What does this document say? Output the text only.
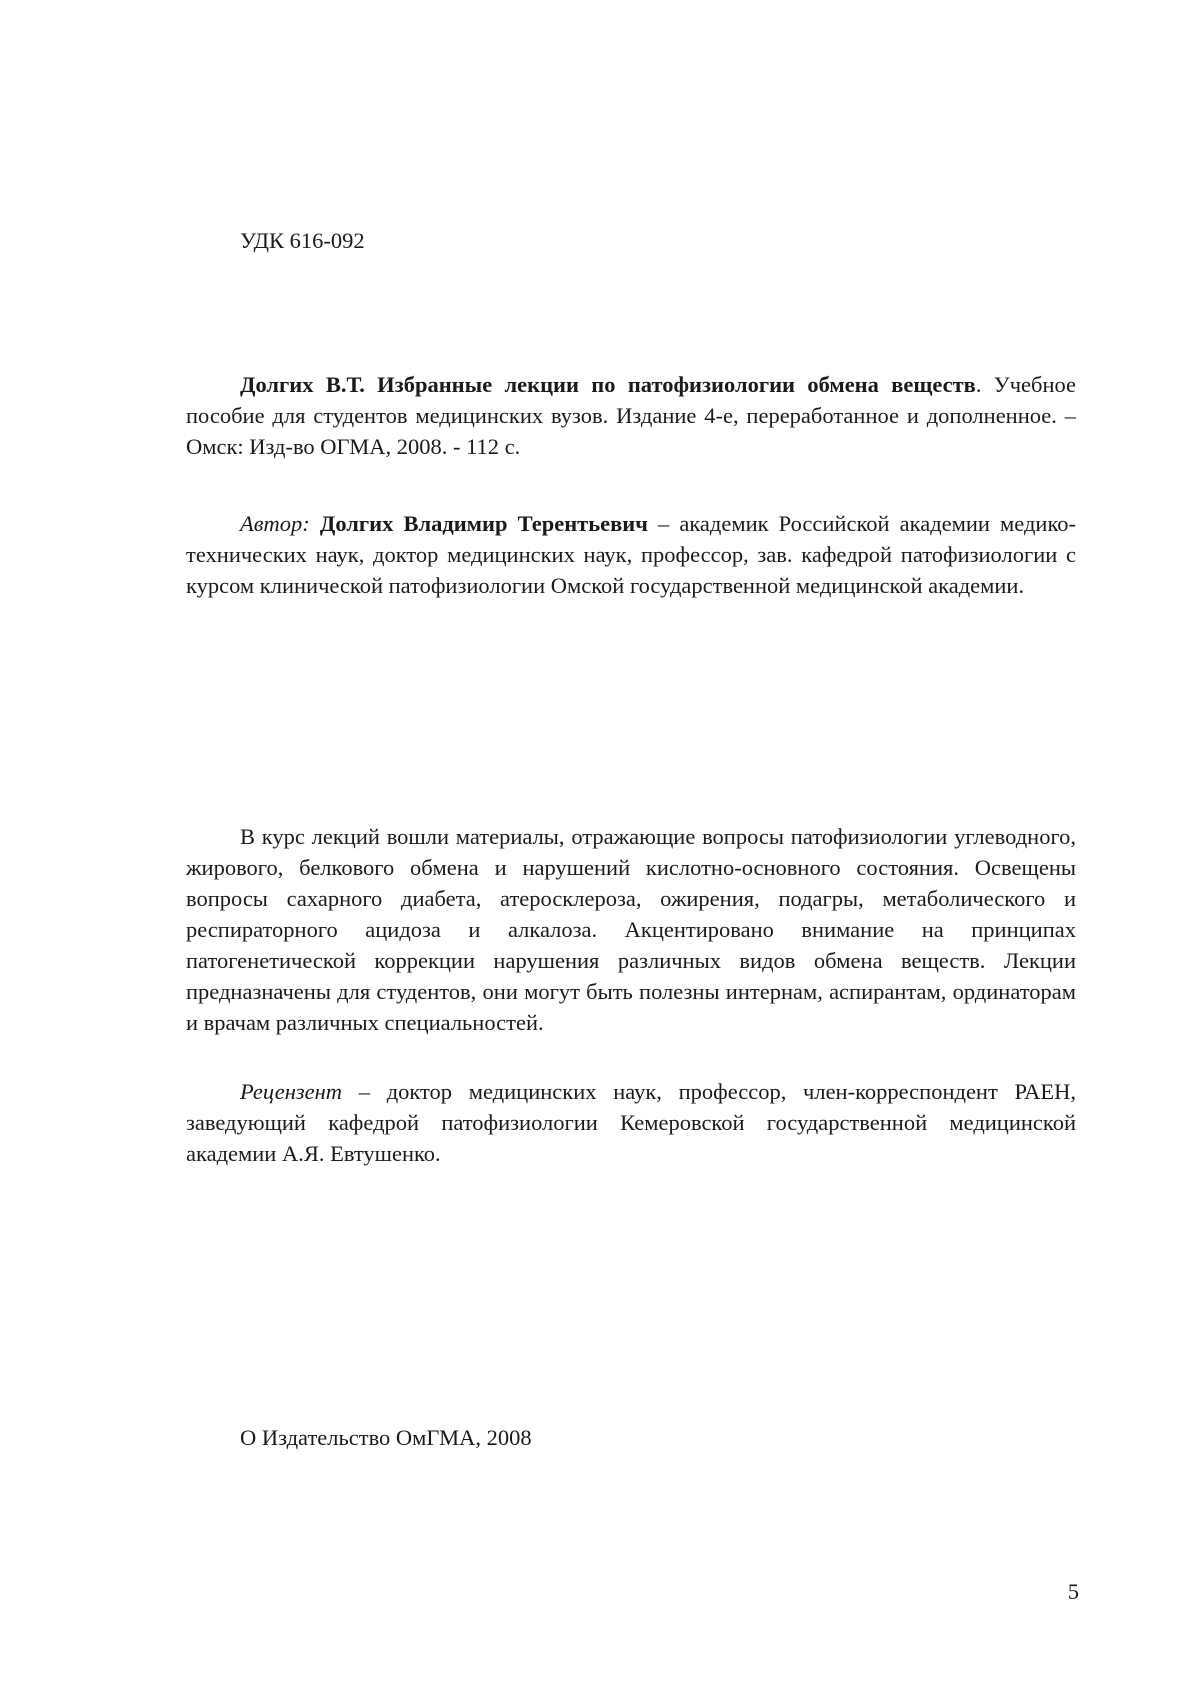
УДК 616-092

Долгих В.Т. Избранные лекции по патофизиологии обмена веществ. Учебное пособие для студентов медицинских вузов. Издание 4-е, переработанное и дополненное. – Омск: Изд-во ОГМА, 2008. - 112 с.

Автор: Долгих Владимир Терентьевич – академик Российской академии медико-технических наук, доктор медицинских наук, профессор, зав. кафедрой патофизиологии с курсом клинической патофизиологии Омской государственной медицинской академии.

В курс лекций вошли материалы, отражающие вопросы патофизиологии углеводного, жирового, белкового обмена и нарушений кислотно-основного состояния. Освещены вопросы сахарного диабета, атеросклероза, ожирения, подагры, метаболического и респираторного ацидоза и алкалоза. Акцентировано внимание на принципах патогенетической коррекции нарушения различных видов обмена веществ. Лекции предназначены для студентов, они могут быть полезны интернам, аспирантам, ординаторам и врачам различных специальностей.

Рецензент – доктор медицинских наук, профессор, член-корреспондент РАЕН, заведующий кафедрой патофизиологии Кемеровской государственной медицинской академии А.Я. Евтушенко.

О Издательство ОмГМА, 2008
5
